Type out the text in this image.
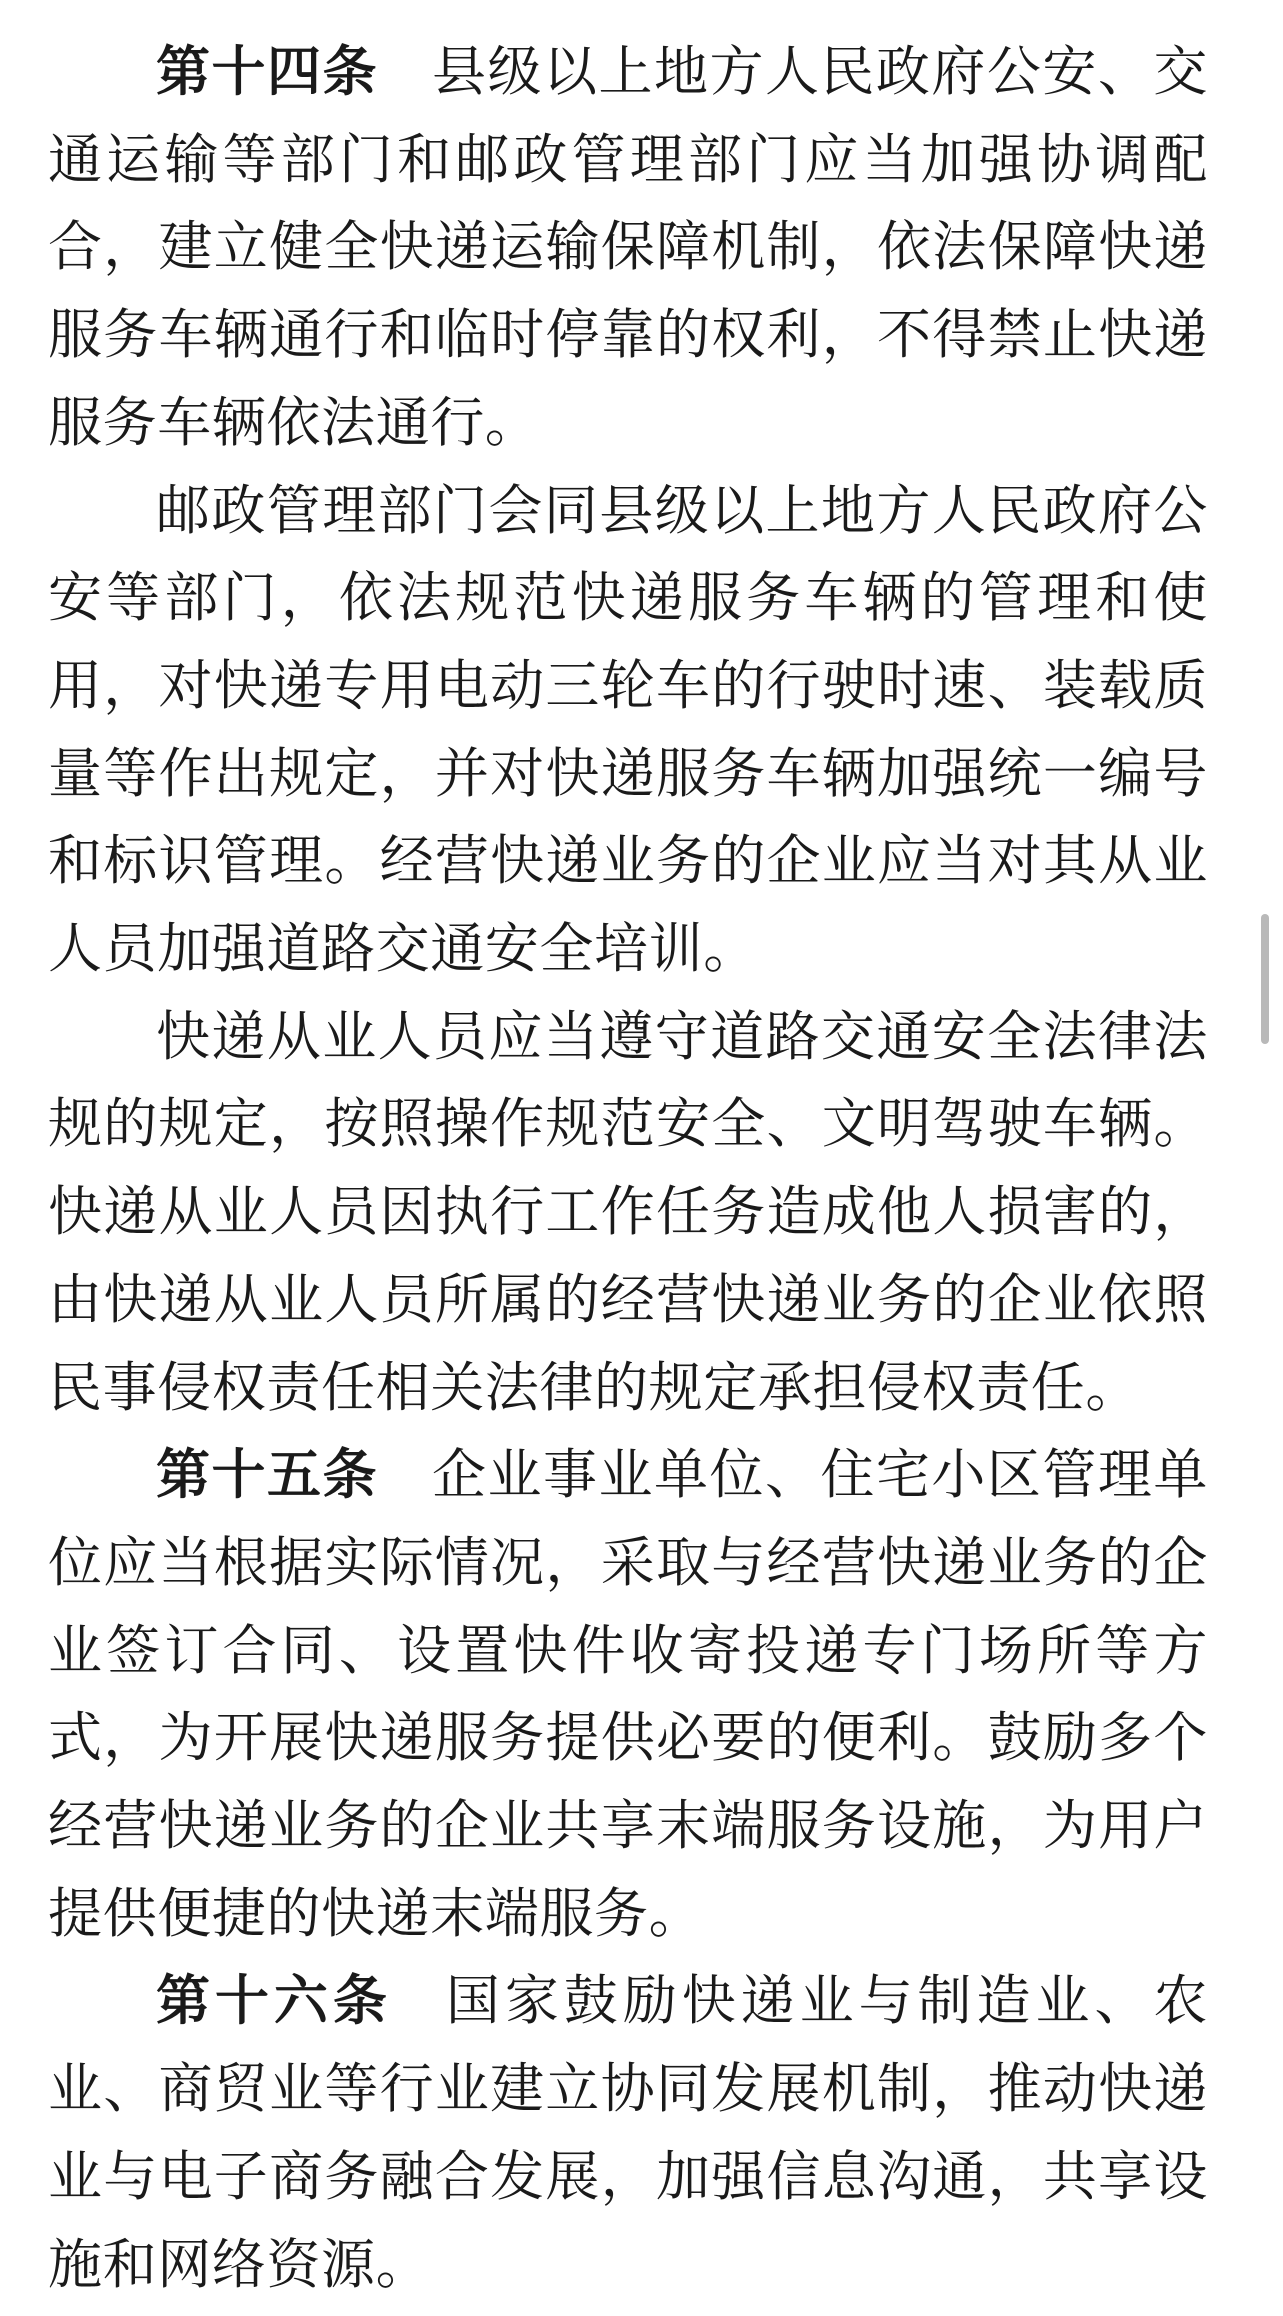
第十四条 县级以上地方人民政府公安、交通运输等部门和邮政管理部门应当加强协调配合，建立健全快递运输保障机制，依法保障快递服务车辆通行和临时停靠的权利，不得禁止快递服务车辆依法通行。

邮政管理部门会同县级以上地方人民政府公安等部门，依法规范快递服务车辆的管理和使用，对快递专用电动三轮车的行驶时速、装载质量等作出规定，并对快递服务车辆加强统一编号和标识管理。经营快递业务的企业应当对其从业人员加强道路交通安全培训。

快递从业人员应当遵守道路交通安全法律法规的规定，按照操作规范安全、文明驾驶车辆。快递从业人员因执行工作任务造成他人损害的，由快递从业人员所属的经营快递业务的企业依照民事侵权责任相关法律的规定承担侵权责任。

第十五条 企业事业单位、住宅小区管理单位应当根据实际情况，采取与经营快递业务的企业签订合同、设置快件收寄投递专门场所等方式，为开展快递服务提供必要的便利。鼓励多个经营快递业务的企业共享末端服务设施，为用户提供便捷的快递末端服务。

第十六条 国家鼓励快递业与制造业、农业、商贸业等行业建立协同发展机制，推动快递业与电子商务融合发展，加强信息沟通，共享设施和网络资源。
